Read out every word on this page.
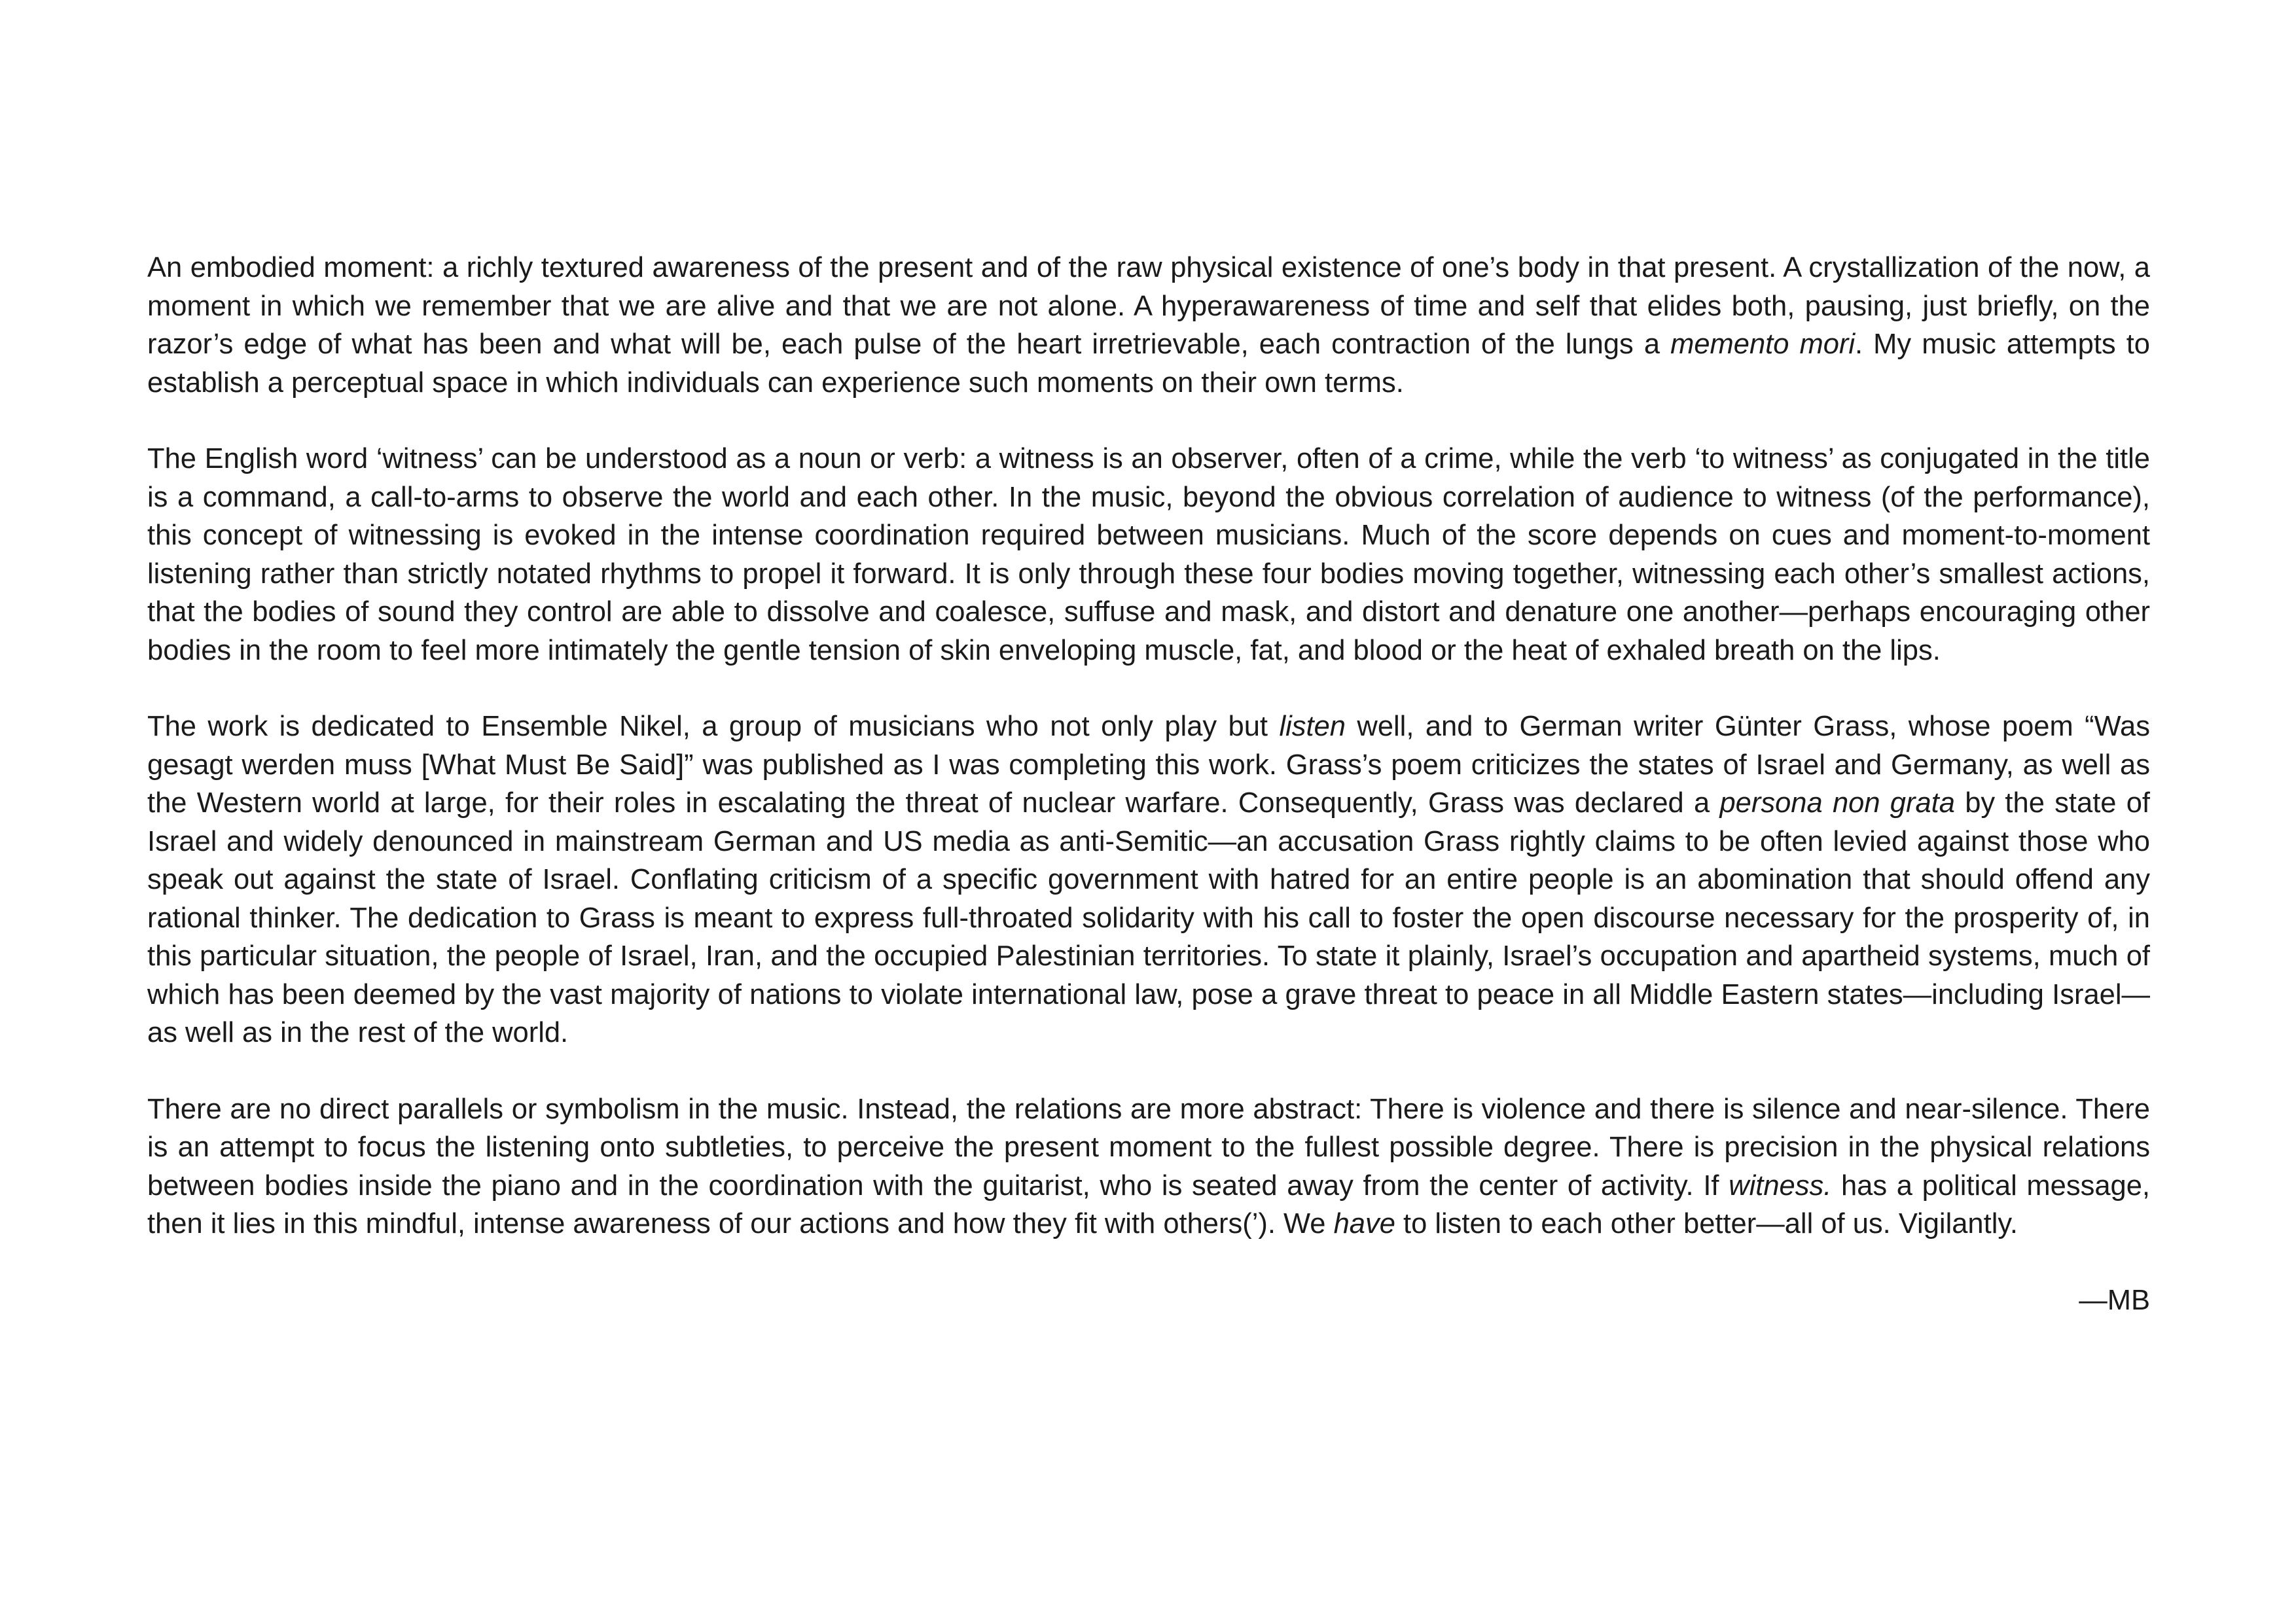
An embodied moment: a richly textured awareness of the present and of the raw physical existence of one’s body in that present. A crystallization of the now, a moment in which we remember that we are alive and that we are not alone. A hyperawareness of time and self that elides both, pausing, just briefly, on the razor’s edge of what has been and what will be, each pulse of the heart irretrievable, each contraction of the lungs a memento mori. My music attempts to establish a perceptual space in which individuals can experience such moments on their own terms.

The English word ‘witness’ can be understood as a noun or verb: a witness is an observer, often of a crime, while the verb ‘to witness’ as conjugated in the title is a command, a call-to-arms to observe the world and each other. In the music, beyond the obvious correlation of audience to witness (of the performance), this concept of witnessing is evoked in the intense coordination required between musicians. Much of the score depends on cues and moment-to-moment listening rather than strictly notated rhythms to propel it forward. It is only through these four bodies moving together, witnessing each other’s smallest actions, that the bodies of sound they control are able to dissolve and coalesce, suffuse and mask, and distort and denature one another—perhaps encouraging other bodies in the room to feel more intimately the gentle tension of skin enveloping muscle, fat, and blood or the heat of exhaled breath on the lips.

The work is dedicated to Ensemble Nikel, a group of musicians who not only play but listen well, and to German writer Günter Grass, whose poem “Was gesagt werden muss [What Must Be Said]” was published as I was completing this work. Grass’s poem criticizes the states of Israel and Germany, as well as the Western world at large, for their roles in escalating the threat of nuclear warfare. Consequently, Grass was declared a persona non grata by the state of Israel and widely denounced in mainstream German and US media as anti-Semitic—an accusation Grass rightly claims to be often levied against those who speak out against the state of Israel. Conflating criticism of a specific government with hatred for an entire people is an abomination that should offend any rational thinker. The dedication to Grass is meant to express full-throated solidarity with his call to foster the open discourse necessary for the prosperity of, in this particular situation, the people of Israel, Iran, and the occupied Palestinian territories. To state it plainly, Israel’s occupation and apartheid systems, much of which has been deemed by the vast majority of nations to violate international law, pose a grave threat to peace in all Middle Eastern states—including Israel—as well as in the rest of the world.

There are no direct parallels or symbolism in the music. Instead, the relations are more abstract: There is violence and there is silence and near-silence. There is an attempt to focus the listening onto subtleties, to perceive the present moment to the fullest possible degree. There is precision in the physical relations between bodies inside the piano and in the coordination with the guitarist, who is seated away from the center of activity. If witness. has a political message, then it lies in this mindful, intense awareness of our actions and how they fit with others(’). We have to listen to each other better—all of us. Vigilantly.

—MB
